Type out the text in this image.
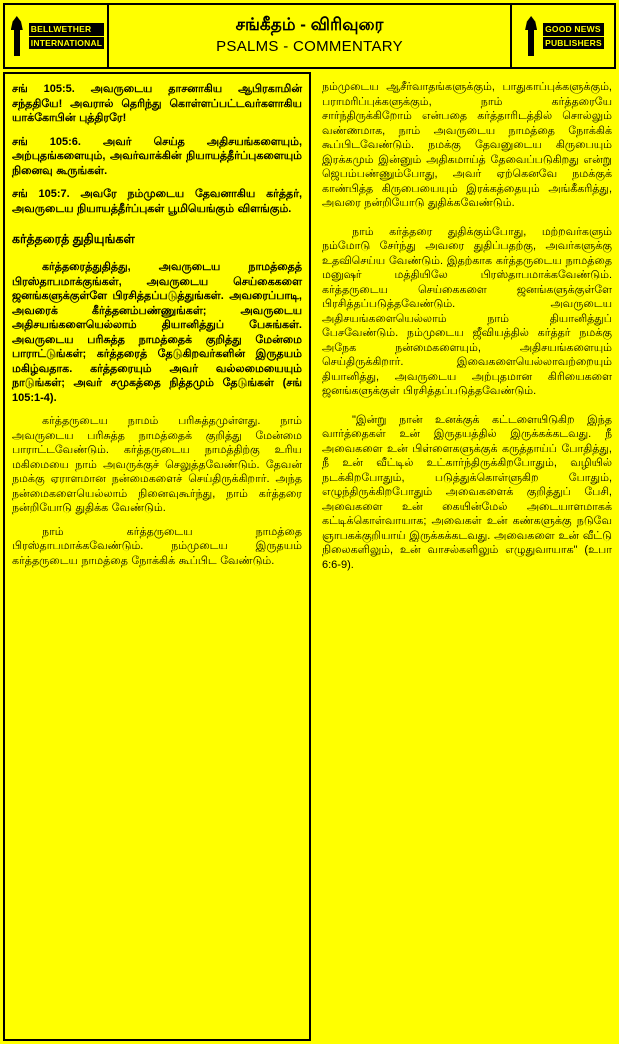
BELLWETHER
INTERNATIONAL
சங்கீதம் - விரிவுரை
PSALMS - COMMENTARY
GOOD NEWS
PUBLISHERS

சங் 105:5. அவருடைய தாசனாகிய ஆபிரகாமின் சந்ததியே! அவரால் தெரிந்து கொள்ளப்பட்டவர்களாகிய யாக்கோபின் புத்திரரே!

சங் 105:6. அவர் செய்த அதிசயங்களையும், அற்புதங்களையும், அவர்வாக்கின் நியாயத்தீர்ப்புகளையும் நினைவு கூருங்கள்.

சங் 105:7. அவரே நம்முடைய தேவனாகிய கர்த்தர், அவருடைய நியாயத்தீர்ப்புகள் பூமியெங்கும் விளங்கும்.

கர்த்தரைத் துதியுங்கள்

கர்த்தரைத்துதித்து, அவருடைய நாமத்தைத் பிரஸ்தாபமாக்குங்கள், அவருடைய செய்கைகளை ஜனங்களுக்குள்ளே பிரசித்தப்படுத்துங்கள். அவரைப்பாடி, அவரைக் கீர்த்தனம்பண்ணுங்கள்; அவருடைய அதிசயங்களையெல்லாம் தியானித்துப் பேசுங்கள். அவருடைய பரிசுத்த நாமத்தைக் குறித்து மேன்மை பாராட்டுங்கள்; கர்த்தரைத் தேடுகிறவர்களின் இருதயம் மகிழ்வதாக. கர்த்தரையும் அவர் வல்லமையையும் நாடுங்கள்; அவர் சமுகத்தை நித்தமும் தேடுங்கள் (சங் 105:1-4).

கர்த்தருடைய நாமம் பரிசுத்தமுள்ளது. நாம் அவருடைய பரிசுத்த நாமத்தைக் குறித்து மேன்மை பாராட்டவேண்டும். கர்த்தருடைய நாமத்திற்கு உரிய மகிமையை நாம் அவருக்குச் செலுத்தவேண்டும். தேவன் நமக்கு ஏராளமான நன்மைகளைச் செய்திருக்கிறார். அந்த நன்மைகளையெல்லாம் நினைவுகூர்ந்து, நாம் கர்த்தரை நன்றியோடு துதிக்க வேண்டும்.

நாம் கர்த்தருடைய நாமத்தை பிரஸ்தாபமாக்கவேண்டும். நம்முடைய இருதயம் கர்த்தருடைய நாமத்தை நோக்கிக் கூப்பிட வேண்டும்.

நம்முடைய ஆசீர்வாதங்களுக்கும், பாதுகாப்புக்களுக்கும், பராமரிப்புக்களுக்கும், நாம் கர்த்தரையே சார்ந்திருக்கிறோம் என்பதை கர்த்தாரிடத்தில் சொல்லும் வண்ணமாக, நாம் அவருடைய நாமத்தை நோக்கிக் கூப்பிடவேண்டும். நமக்கு தேவனுடைய கிருபையும் இரக்கமும் இன்னும் அதிகமாய்த் தேவைப்படுகிறது என்று ஜெபம்பண்ணும்போது, அவர் ஏற்கெனவே நமக்குக் காண்பித்த கிருபையையும் இரக்கத்தையும் அங்கீகரித்து, அவரை நன்றியோடு துதிக்கவேண்டும்.

நாம் கர்த்தரை துதிக்கும்போது, மற்றவர்களும் நம்மோடு சேர்ந்து அவரை துதிப்பதற்கு, அவர்களுக்கு உதவிசெய்ய வேண்டும். இதற்காக கர்த்தருடைய நாமத்தை மனுஷர் மத்தியிலே பிரஸ்தாபமாக்கவேண்டும். கர்த்தருடைய செய்கைகளை ஜனங்களுக்குள்ளே பிரசித்தப்படுத்தவேண்டும். அவருடைய அதிசயங்களையெல்லாம் நாம் தியானித்துப் பேசவேண்டும். நம்முடைய ஜீவியத்தில் கர்த்தர் நமக்கு அநேக நன்மைகளையும், அதிசயங்களையும் செய்திருக்கிறார். இவைகளையெல்லாவற்றையும் தியானித்து, அவருடைய அற்புதமான கிரியைகளை ஜனங்களுக்குள் பிரசித்தப்படுத்தவேண்டும்.

"இன்று நான் உனக்குக் கட்டளையிடுகிற இந்த வார்த்தைகள் உன் இருதயத்தில் இருக்கக்கடவது. நீ அவைகளை உன் பிள்ளைகளுக்குக் கருத்தாய்ப் போதித்து, நீ உன் வீட்டில் உட்கார்ந்திருக்கிறபோதும், வழியில் நடக்கிறபோதும், படுத்துக்கொள்ளுகிற போதும், எழுந்திருக்கிறபோதும் அவைகளைக் குறித்துப் பேசி, அவைகளை உன் கையின்மேல் அடையாளமாகக் கட்டிக்கொள்வாயாக; அவைகள் உன் கண்களுக்கு நடுவே ஞாபகக்குறியாய் இருக்கக்கடவது. அவைகளை உன் வீட்டு நிலைகளிலும், உன் வாசல்களிலும் எழுதுவாயாக" (உபா 6:6-9).
